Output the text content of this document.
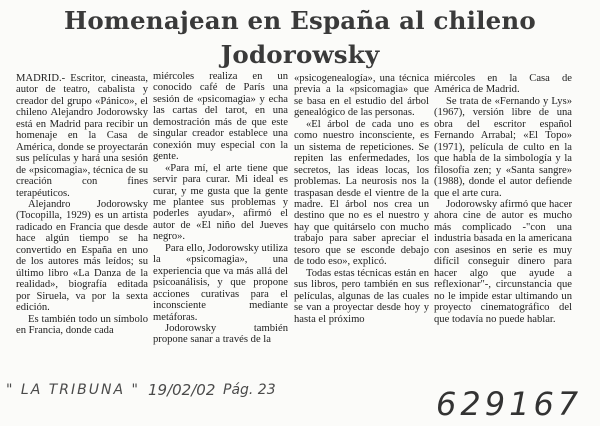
Homenajean en España al chileno Jodorowsky

MADRID.- Escritor, cineasta, autor de teatro, cabalista y creador del grupo «Pánico», el chileno Alejandro Jodorowsky está en Madrid para recibir un homenaje en la Casa de América, donde se proyectarán sus películas y hará una sesión de «psicomagia», técnica de su creación con fines terapéuticos.

Alejandro Jodorowsky (Tocopilla, 1929) es un artista radicado en Francia que desde hace algún tiempo se ha convertido en España en uno de los autores más leídos; su último libro «La Danza de la realidad», biografía editada por Siruela, va por la sexta edición.

Es también todo un símbolo en Francia, donde cada

miércoles realiza en un conocido café de París una sesión de «psicomagia» y echa las cartas del tarot, en una demostración más de que este singular creador establece una conexión muy especial con la gente.

«Para mí, el arte tiene que servir para curar. Mi ideal es curar, y me gusta que la gente me plantee sus problemas y poderles ayudar», afirmó el autor de «El niño del Jueves negro».

Para ello, Jodorowsky utiliza la «psicomagia», una experiencia que va más allá del psicoanálisis, y que propone acciones curativas para el inconsciente mediante metáforas.

Jodorowsky también propone sanar a través de la

«psicogenealogía», una técnica previa a la «psicomagia» que se basa en el estudio del árbol genealógico de las personas.

«El árbol de cada uno es como nuestro inconsciente, es un sistema de repeticiones. Se repiten las enfermedades, los secretos, las ideas locas, los problemas. La neurosis nos la traspasan desde el vientre de la madre. El árbol nos crea un destino que no es el nuestro y hay que quitárselo con mucho trabajo para saber apreciar el tesoro que se esconde debajo de todo eso», explicó.

Todas estas técnicas están en sus libros, pero también en sus películas, algunas de las cuales se van a proyectar desde hoy y hasta el próximo

miércoles en la Casa de América de Madrid.

Se trata de «Fernando y Lys» (1967), versión libre de una obra del escritor español Fernando Arrabal; «El Topo» (1971), película de culto en la que habla de la simbología y la filosofía zen; y «Santa sangre» (1988), donde el autor defiende que el arte cura.

Jodorowsky afirmó que hacer ahora cine de autor es mucho más complicado -"con una industria basada en la americana con asesinos en serie es muy difícil conseguir dinero para hacer algo que ayude a reflexionar"-, circunstancia que no le impide estar ultimando un proyecto cinematográfico del que todavía no puede hablar.

" LA TRIBUNA " 19/02/02 Pág. 23	629167
